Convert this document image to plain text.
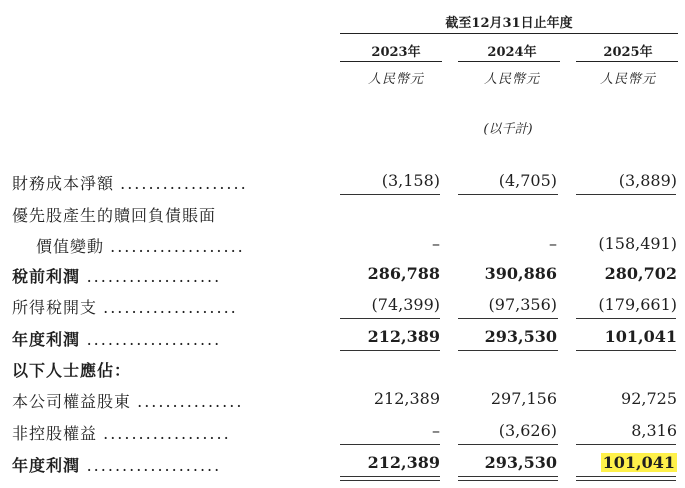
截至12月31日止年度
2023年	2024年	2025年
人民幣元	人民幣元	人民幣元
(以千計)
財務成本淨額 ..................	(3,158)	(4,705)	(3,889)
優先股產生的贖回負債賬面
價值變動 ...................	–	–	(158,491)
稅前利潤 ...................	286,788	390,886	280,702
所得稅開支 ...................	(74,399)	(97,356)	(179,661)
年度利潤 ...................	212,389	293,530	101,041
以下人士應佔：
本公司權益股東 ...............	212,389	297,156	92,725
非控股權益 ..................	–	(3,626)	8,316
年度利潤 ...................	212,389	293,530	101,041
